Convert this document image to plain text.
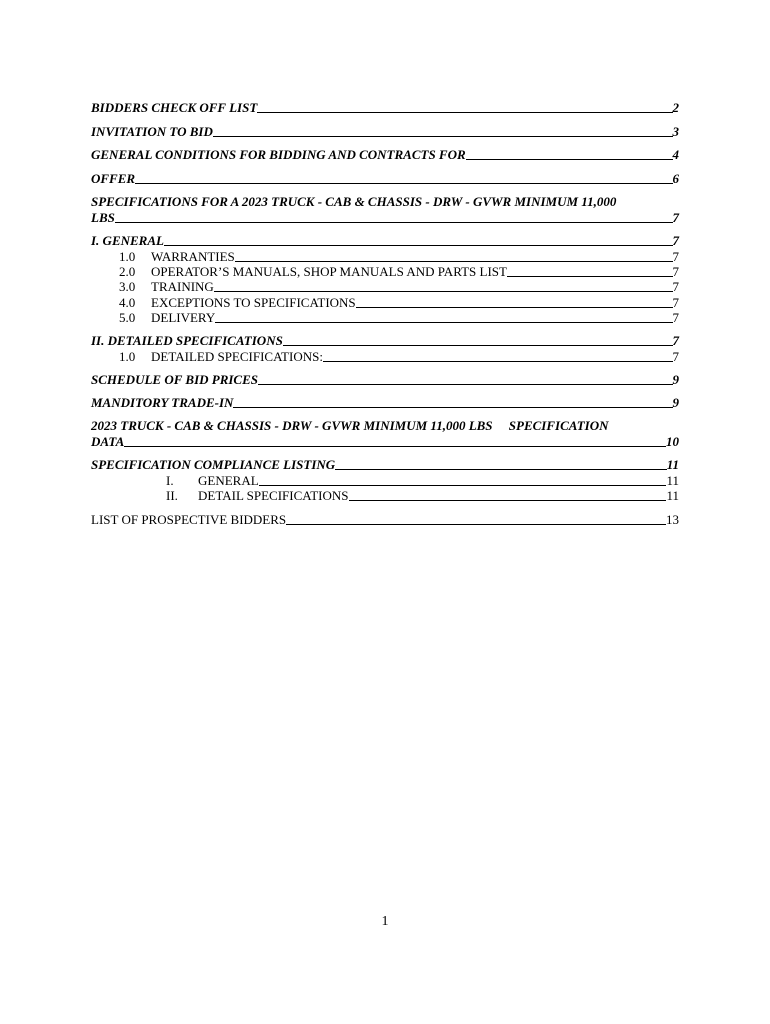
BIDDERS CHECK OFF LIST	2
INVITATION TO BID	3
GENERAL CONDITIONS FOR BIDDING AND CONTRACTS FOR	4
OFFER	6
SPECIFICATIONS FOR A 2023 TRUCK - CAB & CHASSIS - DRW - GVWR MINIMUM 11,000
LBS	7
I. GENERAL	7
1.0	WARRANTIES	7
2.0	OPERATOR’S MANUALS, SHOP MANUALS AND PARTS LIST	7
3.0	TRAINING	7
4.0	EXCEPTIONS TO SPECIFICATIONS	7
5.0	DELIVERY	7
II. DETAILED SPECIFICATIONS	7
1.0	DETAILED SPECIFICATIONS:	7
SCHEDULE OF BID PRICES	9
MANDITORY TRADE-IN	9
2023 TRUCK - CAB & CHASSIS - DRW - GVWR MINIMUM 11,000 LBS  SPECIFICATION
DATA	10
SPECIFICATION COMPLIANCE LISTING	11
I.	GENERAL	11
II.	DETAIL SPECIFICATIONS	11
LIST OF PROSPECTIVE BIDDERS	13
1
